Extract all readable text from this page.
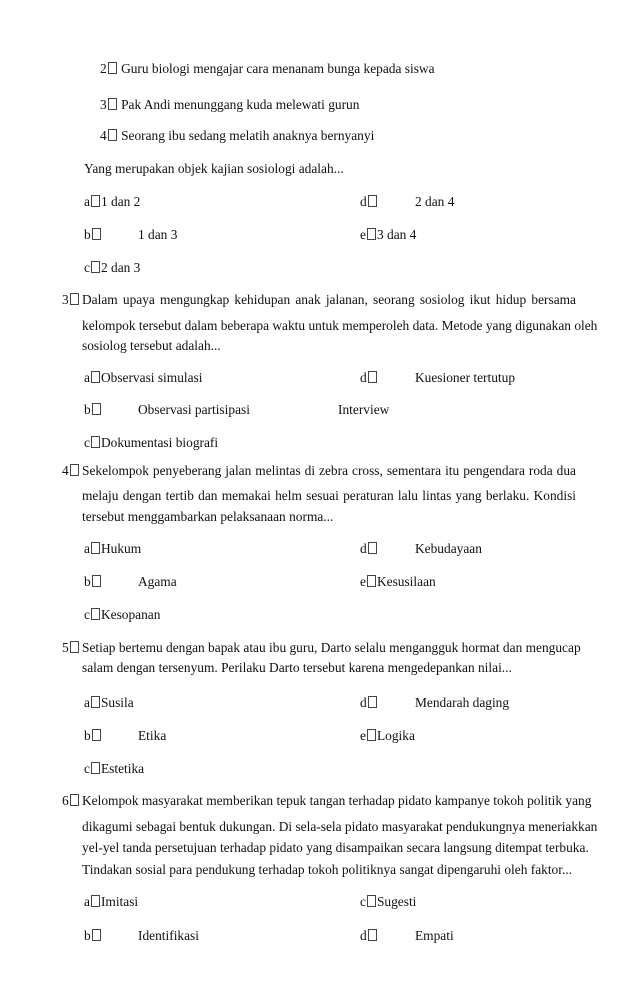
2 Guru biologi mengajar cara menanam bunga kepada siswa
3 Pak Andi menunggang kuda melewati gurun
4 Seorang ibu sedang melatih anaknya bernyanyi
Yang merupakan objek kajian sosiologi adalah...
a 1 dan 2	d	2 dan 4
b	1 dan 3	e 3 dan 4
c 2 dan 3
3 Dalam upaya mengungkap kehidupan anak jalanan, seorang sosiolog ikut hidup bersama
kelompok tersebut dalam beberapa waktu untuk memperoleh data. Metode yang digunakan oleh
sosiolog tersebut adalah...
a Observasi simulasi	d	Kuesioner tertutup
b	Observasi partisipasi	Interview
c Dokumentasi biografi
4 Sekelompok penyeberang jalan melintas di zebra cross, sementara itu pengendara roda dua
melaju dengan tertib dan memakai helm sesuai peraturan lalu lintas yang berlaku. Kondisi
tersebut menggambarkan pelaksanaan norma...
a Hukum	d	Kebudayaan
b	Agama	e Kesusilaan
c Kesopanan
5 Setiap bertemu dengan bapak atau ibu guru, Darto selalu mengangguk hormat dan mengucap
salam dengan tersenyum. Perilaku Darto tersebut karena mengedepankan nilai...
a Susila	d	Mendarah daging
b	Etika	e Logika
c Estetika
6 Kelompok masyarakat memberikan tepuk tangan terhadap pidato kampanye tokoh politik yang
dikagumi sebagai bentuk dukungan. Di sela-sela pidato masyarakat pendukungnya meneriakkan
yel-yel tanda persetujuan terhadap pidato yang disampaikan secara langsung ditempat terbuka.
Tindakan sosial para pendukung terhadap tokoh politiknya sangat dipengaruhi oleh faktor...
a Imitasi	c Sugesti
b	Identifikasi	d	Empati
